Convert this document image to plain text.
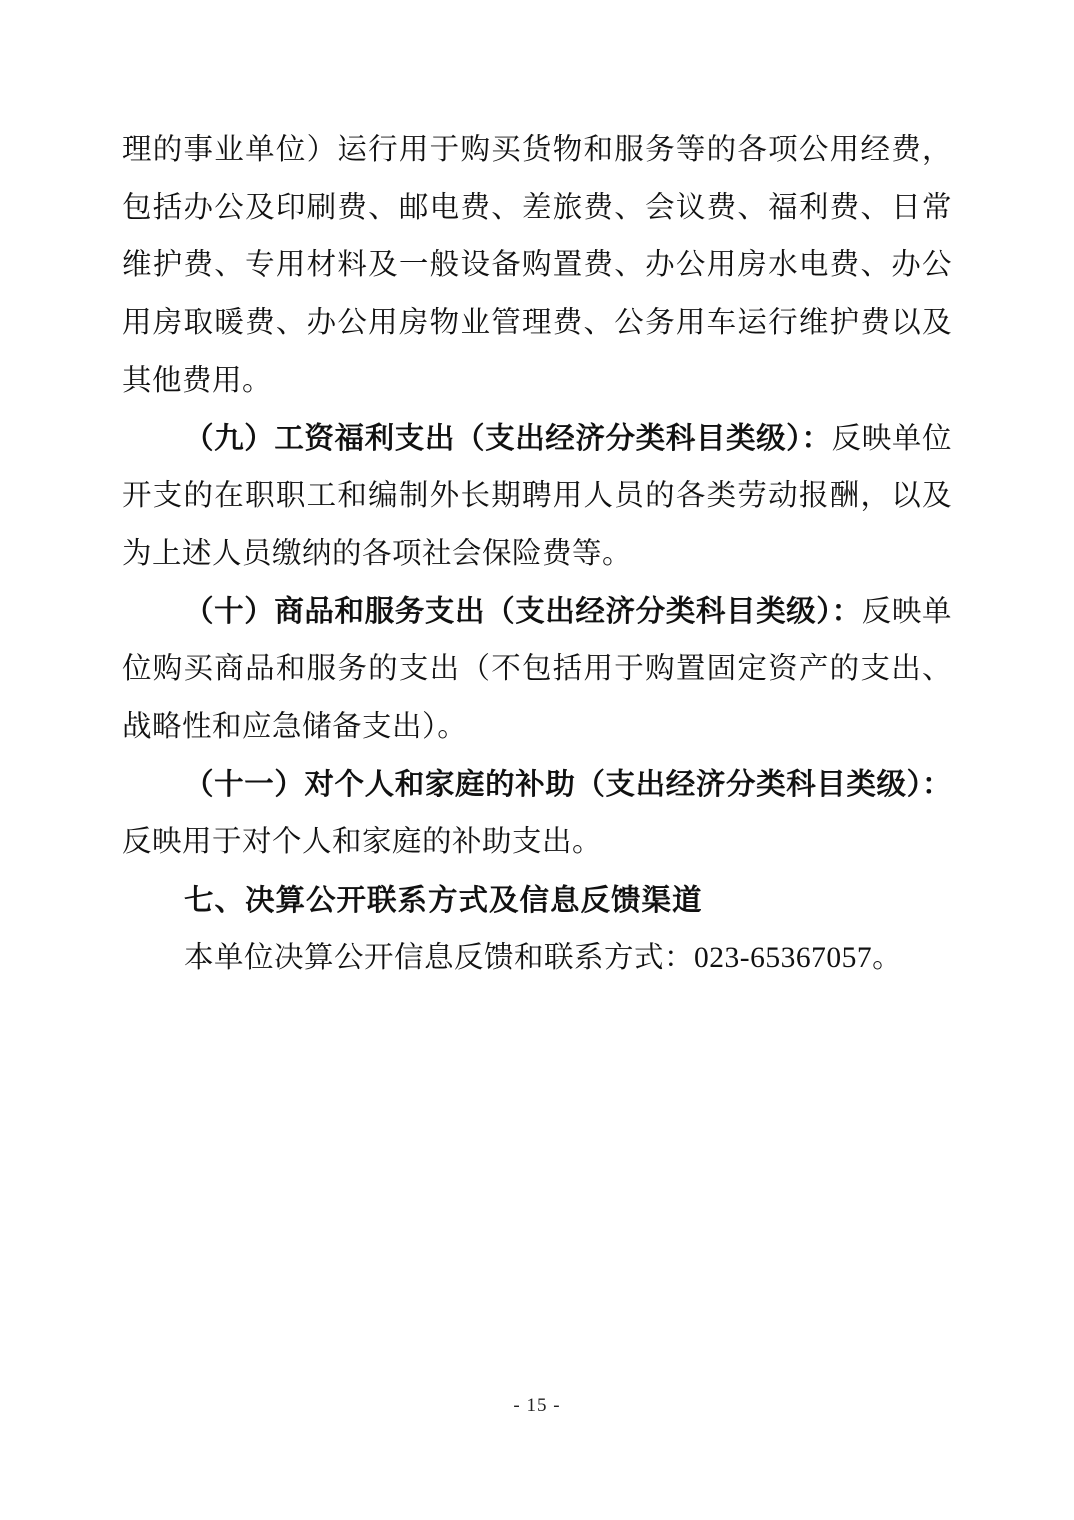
理的事业单位）运行用于购买货物和服务等的各项公用经费，包括办公及印刷费、邮电费、差旅费、会议费、福利费、日常维护费、专用材料及一般设备购置费、办公用房水电费、办公用房取暖费、办公用房物业管理费、公务用车运行维护费以及其他费用。

（九）工资福利支出（支出经济分类科目类级）：反映单位开支的在职职工和编制外长期聘用人员的各类劳动报酬，以及为上述人员缴纳的各项社会保险费等。

（十）商品和服务支出（支出经济分类科目类级）：反映单位购买商品和服务的支出（不包括用于购置固定资产的支出、战略性和应急储备支出）。

（十一）对个人和家庭的补助（支出经济分类科目类级）：反映用于对个人和家庭的补助支出。

七、决算公开联系方式及信息反馈渠道

本单位决算公开信息反馈和联系方式：023-65367057。

- 15 -
